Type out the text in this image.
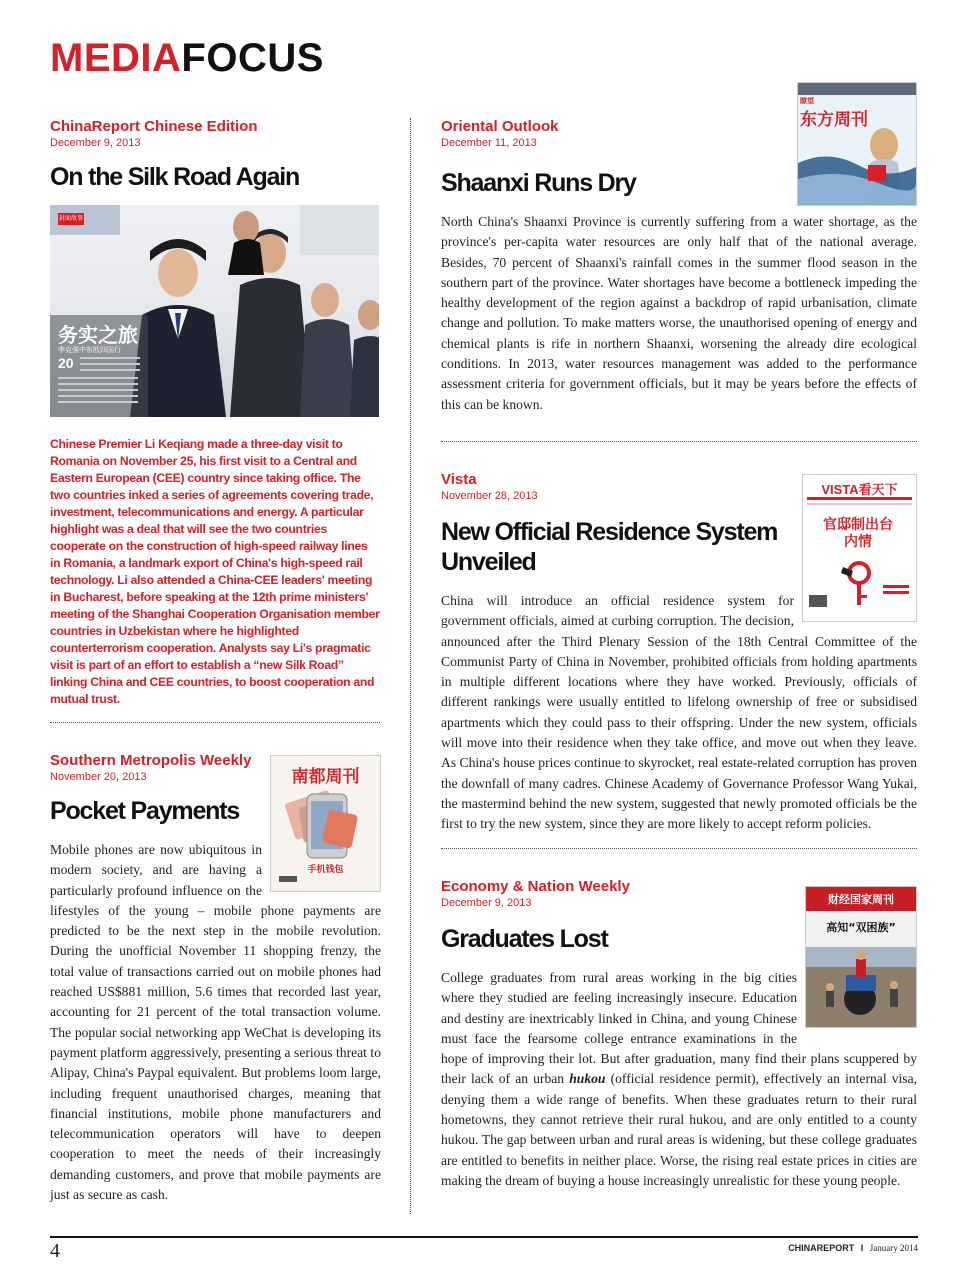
MEDIAFOCUS
ChinaReport Chinese Edition
December 9, 2013
On the Silk Road Again
封面故事
务实之旅
李克强中东欧四国行
20
Chinese Premier Li Keqiang made a three-day visit to Romania on November 25, his first visit to a Central and Eastern European (CEE) country since taking office. The two countries inked a series of agreements covering trade, investment, telecommunications and energy. A particular highlight was a deal that will see the two countries cooperate on the construction of high-speed railway lines in Romania, a landmark export of China's high-speed rail technology. Li also attended a China-CEE leaders' meeting in Bucharest, before speaking at the 12th prime ministers' meeting of the Shanghai Cooperation Organisation member countries in Uzbekistan where he highlighted counterterrorism cooperation. Analysts say Li's pragmatic visit is part of an effort to establish a “new Silk Road” linking China and CEE countries, to boost cooperation and mutual trust.
南都周刊
手机钱包
Southern Metropolis Weekly
November 20, 2013
Pocket Payments
Mobile phones are now ubiquitous in modern society, and are having a particularly profound influence on the lifestyles of the young – mobile phone payments are predicted to be the next step in the mobile revolution. During the unofficial November 11 shopping frenzy, the total value of transactions carried out on mobile phones had reached US$881 million, 5.6 times that recorded last year, accounting for 21 percent of the total transaction volume. The popular social networking app WeChat is developing its payment platform aggressively, presenting a serious threat to Alipay, China's Paypal equivalent. But problems loom large, including frequent unauthorised charges, meaning that financial institutions, mobile phone manufacturers and telecommunication operators will have to deepen cooperation to meet the needs of their increasingly demanding customers, and prove that mobile payments are just as secure as cash.
瞭望
东方周刊
Oriental Outlook
December 11, 2013
Shaanxi Runs Dry
North China's Shaanxi Province is currently suffering from a water shortage, as the province's per-capita water resources are only half that of the national average. Besides, 70 percent of Shaanxi's rainfall comes in the summer flood season in the southern part of the province. Water shortages have become a bottleneck impeding the healthy development of the region against a backdrop of rapid urbanisation, climate change and pollution. To make matters worse, the unauthorised opening of energy and chemical plants is rife in northern Shaanxi, worsening the already dire ecological conditions. In 2013, water resources management was added to the performance assessment criteria for government officials, but it may be years before the effects of this can be known.
VISTA看天下
官邸制出台内情
Vista
November 28, 2013
New Official Residence System Unveiled
China will introduce an official residence system for government officials, aimed at curbing corruption. The decision, announced after the Third Plenary Session of the 18th Central Committee of the Communist Party of China in November, prohibited officials from holding apartments in multiple different locations where they have worked. Previously, officials of different rankings were usually entitled to lifelong ownership of free or subsidised apartments which they could pass to their offspring. Under the new system, officials will move into their residence when they take office, and move out when they leave. As China's house prices continue to skyrocket, real estate-related corruption has proven the downfall of many cadres. Chinese Academy of Governance Professor Wang Yukai, the mastermind behind the new system, suggested that newly promoted officials be the first to try the new system, since they are more likely to accept reform policies.
财经国家周刊
高知“双困族”
Economy & Nation Weekly
December 9, 2013
Graduates Lost
College graduates from rural areas working in the big cities where they studied are feeling increasingly insecure. Education and destiny are inextricably linked in China, and young Chinese must face the fearsome college entrance examinations in the hope of improving their lot. But after graduation, many find their plans scuppered by their lack of an urban hukou (official residence permit), effectively an internal visa, denying them a wide range of benefits. When these graduates return to their rural hometowns, they cannot retrieve their rural hukou, and are only entitled to a county hukou. The gap between urban and rural areas is widening, but these college graduates are entitled to benefits in neither place. Worse, the rising real estate prices in cities are making the dream of buying a house increasingly unrealistic for these young people.
4	CHINAREPORT I January 2014
